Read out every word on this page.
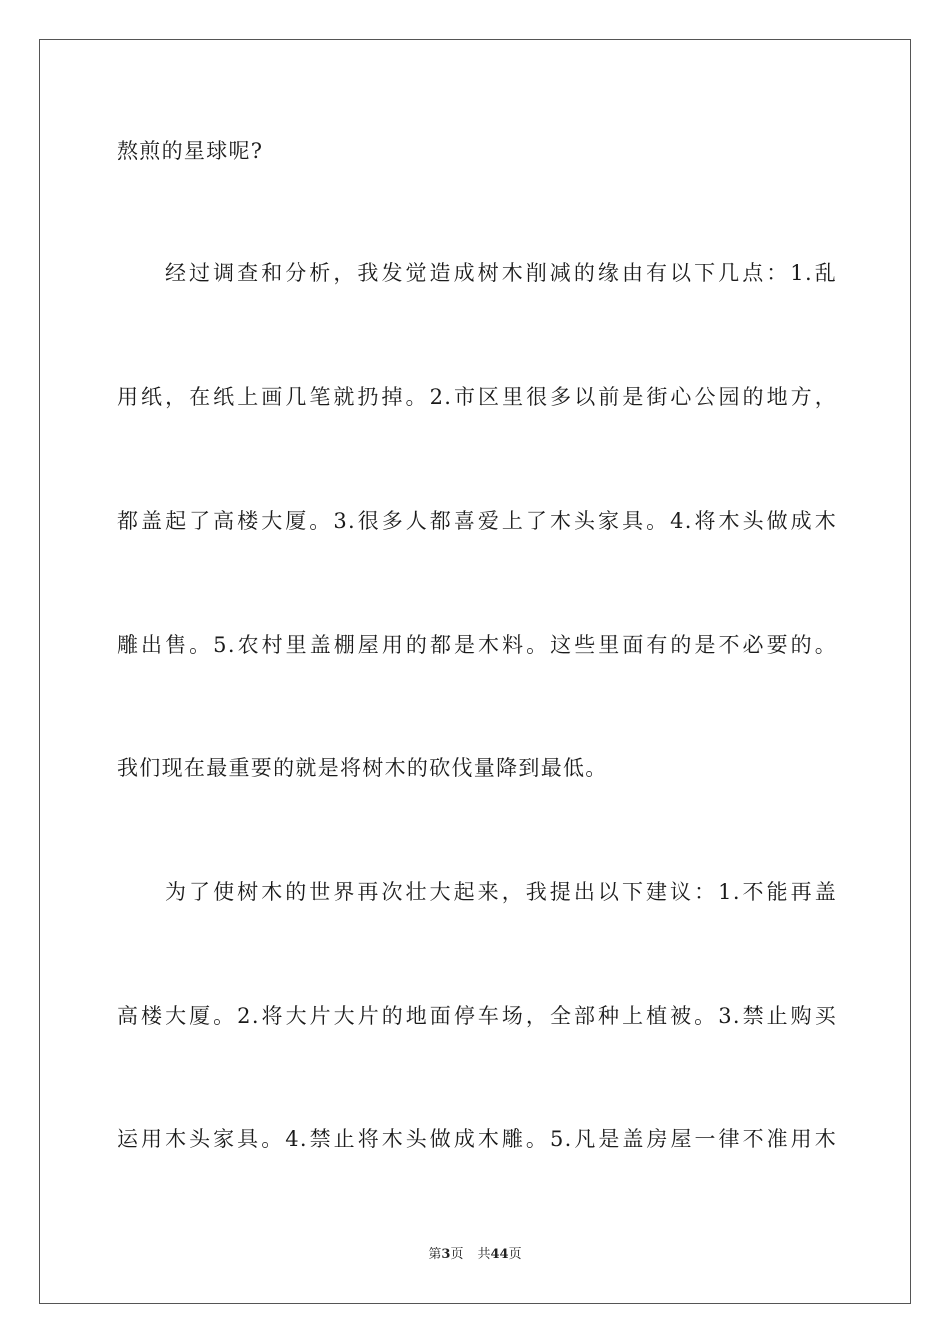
熬煎的星球呢?
经过调查和分析，我发觉造成树木削减的缘由有以下几点：1.乱
用纸，在纸上画几笔就扔掉。2.市区里很多以前是街心公园的地方，
都盖起了高楼大厦。3.很多人都喜爱上了木头家具。4.将木头做成木
雕出售。5.农村里盖棚屋用的都是木料。这些里面有的是不必要的。
我们现在最重要的就是将树木的砍伐量降到最低。
为了使树木的世界再次壮大起来，我提出以下建议：1.不能再盖
高楼大厦。2.将大片大片的地面停车场，全部种上植被。3.禁止购买
运用木头家具。4.禁止将木头做成木雕。5.凡是盖房屋一律不准用木
第3页 共44页
